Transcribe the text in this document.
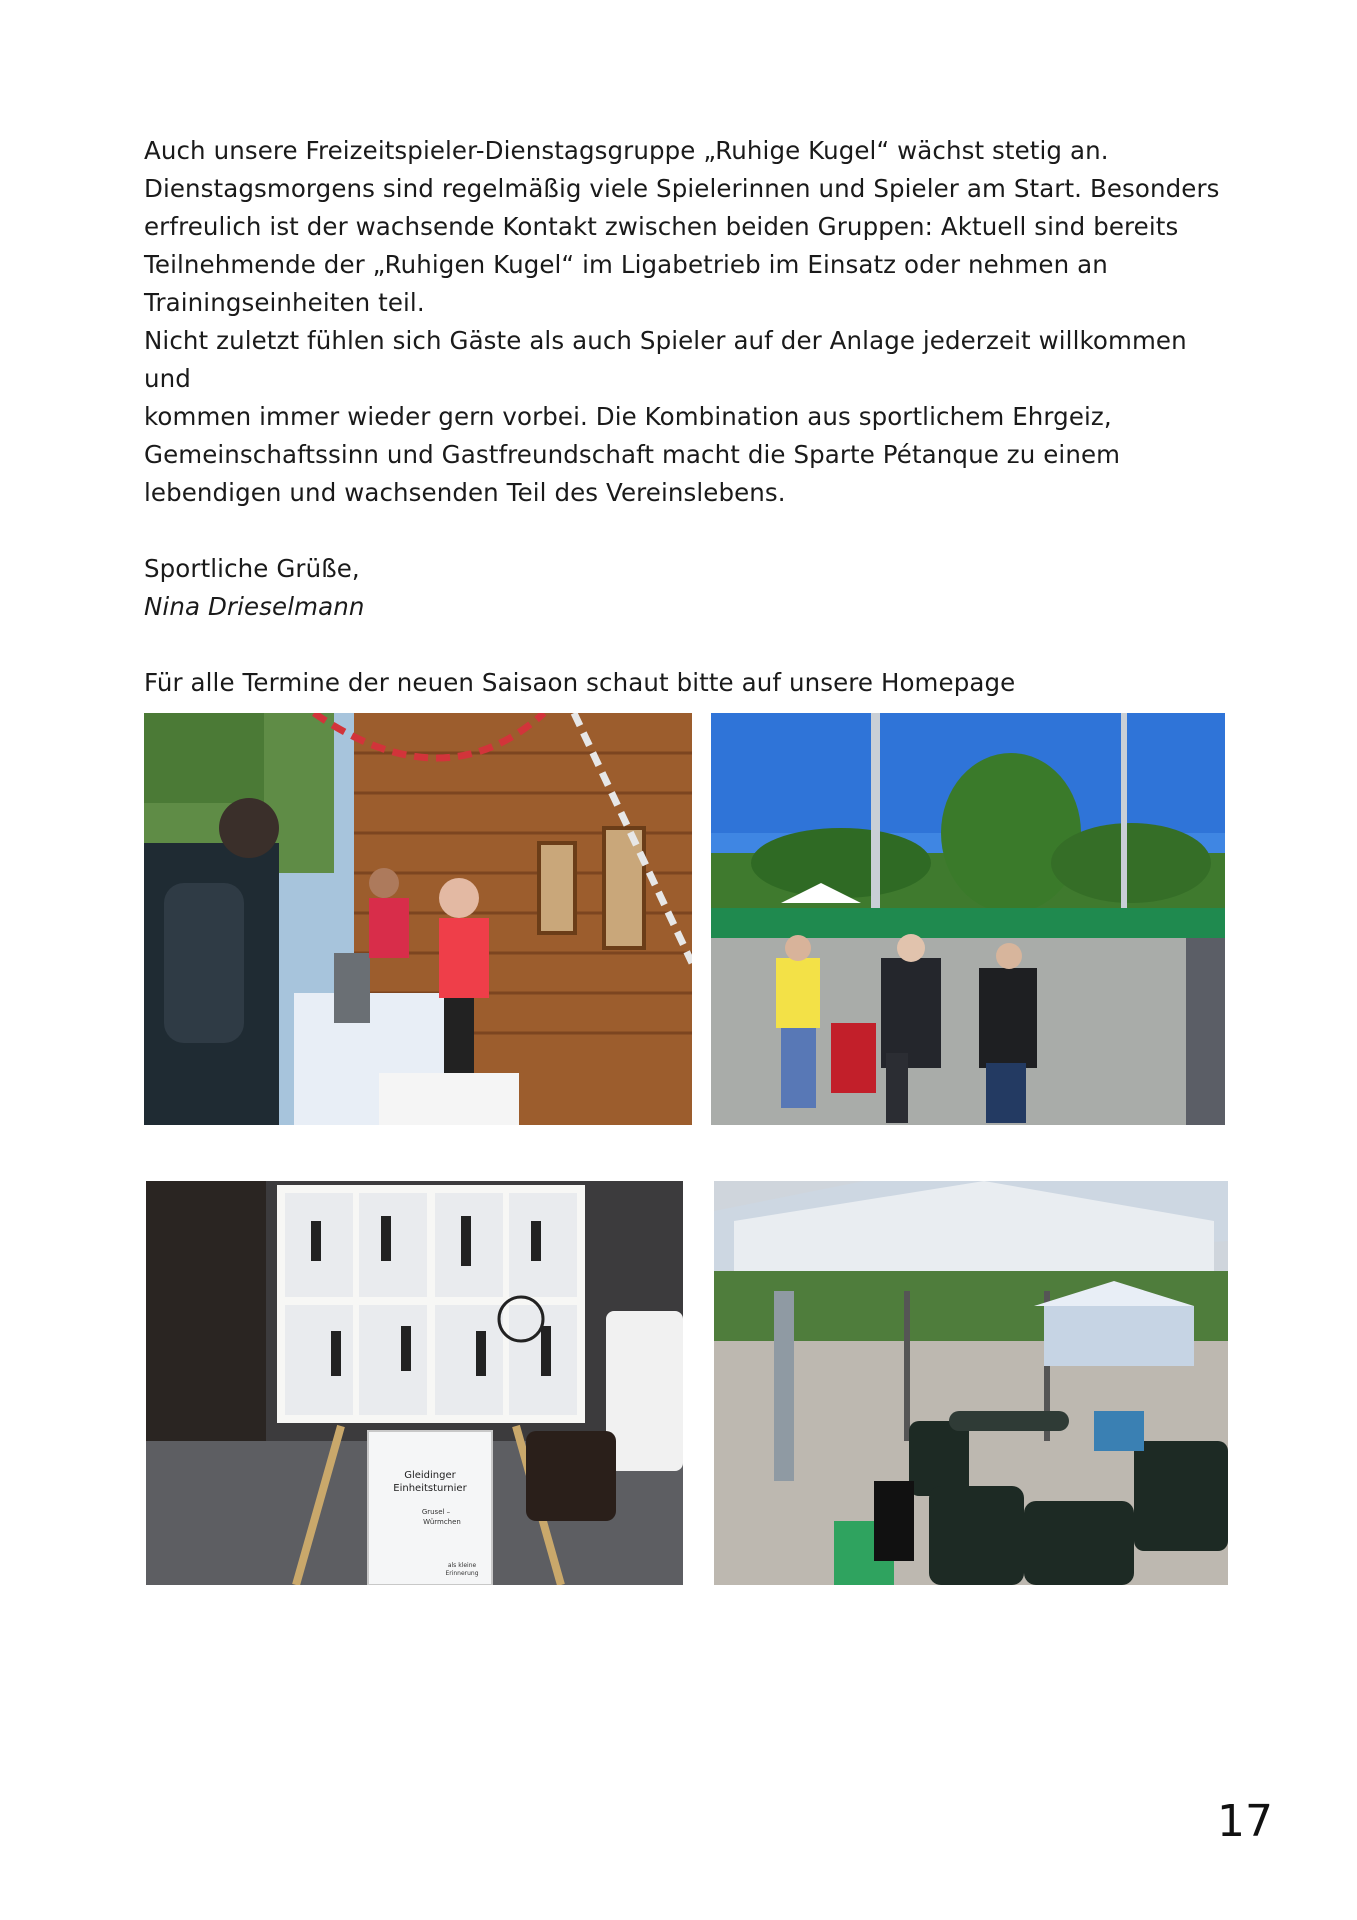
Auch unsere Freizeitspieler-Dienstagsgruppe „Ruhige Kugel“ wächst stetig an.
Dienstagsmorgens sind regelmäßig viele Spielerinnen und Spieler am Start. Besonders
erfreulich ist der wachsende Kontakt zwischen beiden Gruppen: Aktuell sind bereits
Teilnehmende der „Ruhigen Kugel“ im Ligabetrieb im Einsatz oder nehmen an
Trainingseinheiten teil.

Nicht zuletzt fühlen sich Gäste als auch Spieler auf der Anlage jederzeit willkommen und
kommen immer wieder gern vorbei. Die Kombination aus sportlichem Ehrgeiz,
Gemeinschaftssinn und Gastfreundschaft macht die Sparte Pétanque zu einem
lebendigen und wachsenden Teil des Vereinslebens.

Sportliche Grüße,

Nina Drieselmann

Für alle Termine der neuen Saisaon schaut bitte auf unsere Homepage

Gleidinger
Einheitsturnier
Grusel –
Würmchen
als kleine
Erinnerung
17
